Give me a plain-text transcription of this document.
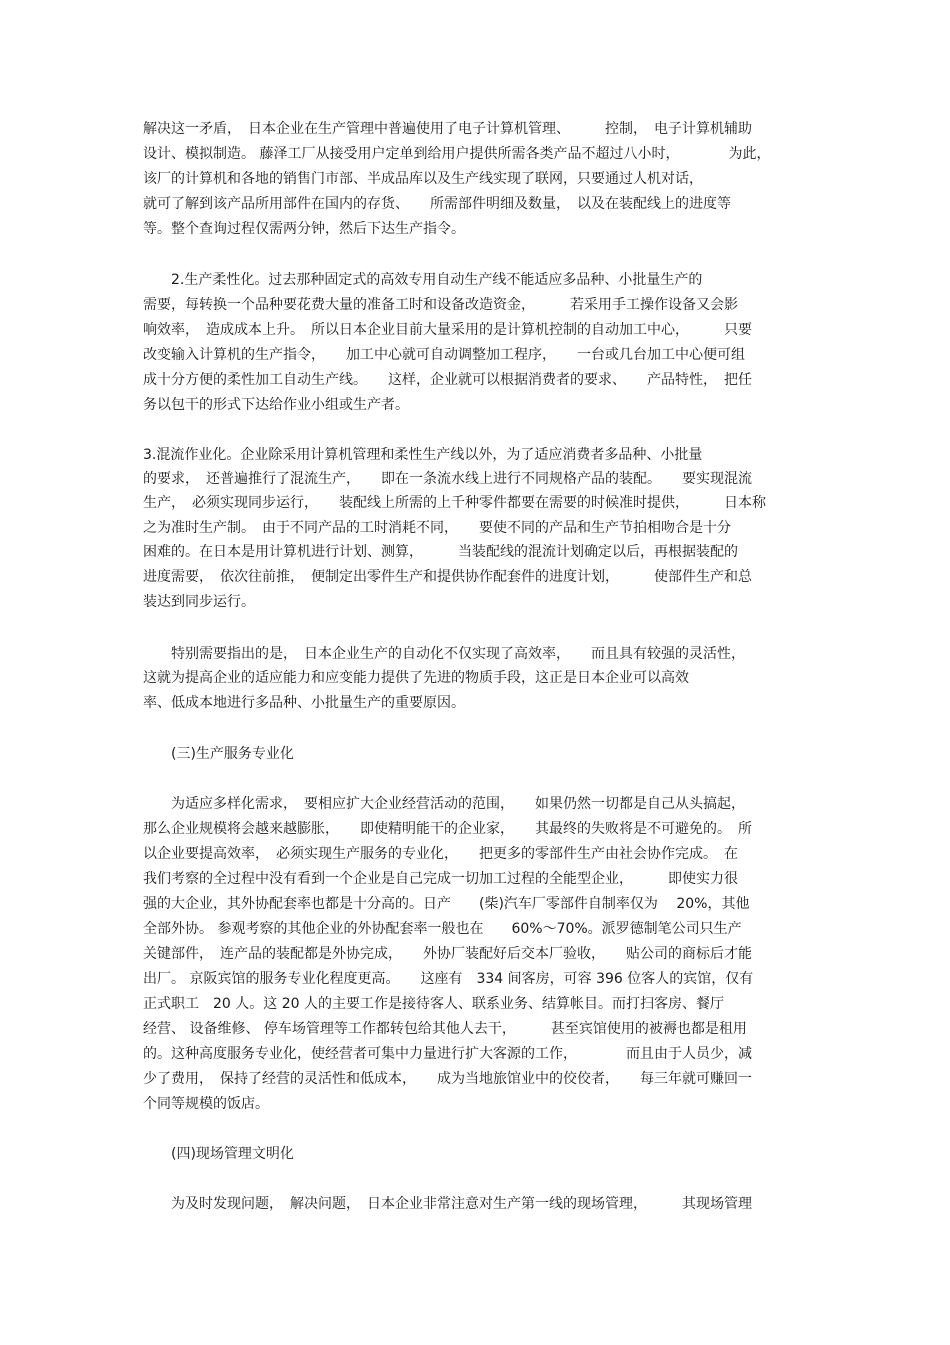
解决这一矛盾，　日本企业在生产管理中普遍使用了电子计算机管理、　　　控制，　电子计算机辅助
设计、模拟制造。 藤泽工厂从接受用户定单到给用户提供所需各类产品不超过八小时，　　　　为此，
该厂的计算机和各地的销售门市部、半成品库以及生产线实现了联网，只要通过人机对话，
就可了解到该产品所用部件在国内的存货、　　所需部件明细及数量，　以及在装配线上的进度等
等。整个查询过程仅需两分钟，然后下达生产指令。
　　2.生产柔性化。过去那种固定式的高效专用自动生产线不能适应多品种、小批量生产的
需要，每转换一个品种要花费大量的准备工时和设备改造资金，　　　若采用手工操作设备又会影
响效率，　造成成本上升。　所以日本企业目前大量采用的是计算机控制的自动加工中心，　　　只要
改变输入计算机的生产指令，　　加工中心就可自动调整加工程序，　　一台或几台加工中心便可组
成十分方便的柔性加工自动生产线。　　这样，企业就可以根据消费者的要求、　　产品特性，　把任
务以包干的形式下达给作业小组或生产者。
3.混流作业化。企业除采用计算机管理和柔性生产线以外，为了适应消费者多品种、小批量
的要求，　还普遍推行了混流生产，　　即在一条流水线上进行不同规格产品的装配。　　要实现混流
生产，　必须实现同步运行，　　装配线上所需的上千种零件都要在需要的时候准时提供，　　　日本称
之为准时生产制。　由于不同产品的工时消耗不同，　　要使不同的产品和生产节拍相吻合是十分
困难的。在日本是用计算机进行计划、测算，　　　当装配线的混流计划确定以后，再根据装配的
进度需要，　依次往前推，　便制定出零件生产和提供协作配套件的进度计划，　　　使部件生产和总
装达到同步运行。
　　特别需要指出的是，　日本企业生产的自动化不仅实现了高效率，　　而且具有较强的灵活性，
这就为提高企业的适应能力和应变能力提供了先进的物质手段，这正是日本企业可以高效
率、低成本地进行多品种、小批量生产的重要原因。
　　(三)生产服务专业化
　　为适应多样化需求，　要相应扩大企业经营活动的范围，　　如果仍然一切都是自己从头搞起，
那么企业规模将会越来越膨胀，　　即使精明能干的企业家，　　其最终的失败将是不可避免的。　所
以企业要提高效率，　必须实现生产服务的专业化，　　把更多的零部件生产由社会协作完成。　在
我们考察的全过程中没有看到一个企业是自己完成一切加工过程的全能型企业，　　　即使实力很
强的大企业，其外协配套率也都是十分高的。日产　　(柴)汽车厂零部件自制率仅为　 20%，其他
全部外协。 参观考察的其他企业的外协配套率一般也在　　60%～70%。派罗德制笔公司只生产
关键部件，　连产品的装配都是外协完成，　　外协厂装配好后交本厂验收，　　贴公司的商标后才能
出厂。 京阪宾馆的服务专业化程度更高。　　这座有　334 间客房，可容 396 位客人的宾馆，仅有
正式职工　20 人。这 20 人的主要工作是接待客人、联系业务、结算帐目。而打扫客房、餐厅
经营、 设备维修、 停车场管理等工作都转包给其他人去干，　　　甚至宾馆使用的被褥也都是租用
的。这种高度服务专业化，使经营者可集中力量进行扩大客源的工作，　　　　而且由于人员少，减
少了费用，　保持了经营的灵活性和低成本，　　成为当地旅馆业中的佼佼者，　　每三年就可赚回一
个同等规模的饭店。
　　(四)现场管理文明化
　　为及时发现问题，　解决问题，　日本企业非常注意对生产第一线的现场管理，　　　其现场管理
